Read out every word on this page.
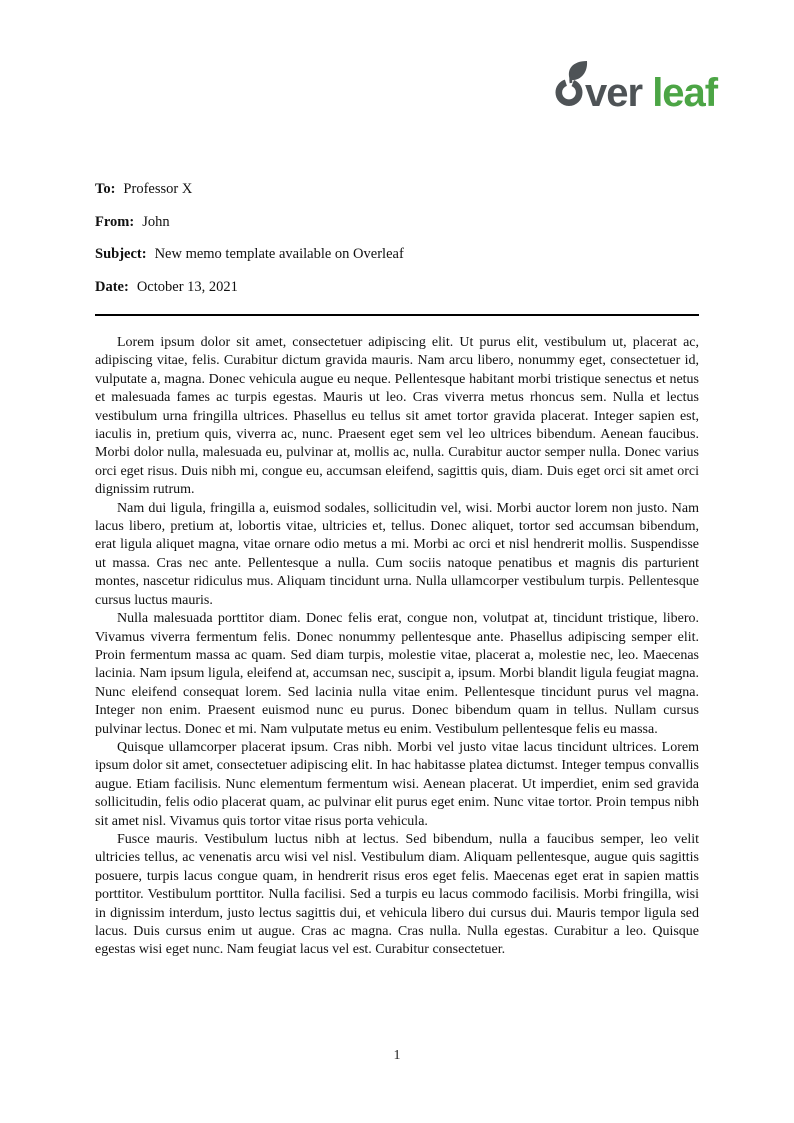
ver leaf

To: Professor X

From: John

Subject: New memo template available on Overleaf

Date: October 13, 2021

Lorem ipsum dolor sit amet, consectetuer adipiscing elit. Ut purus elit, vestibulum ut, placerat ac, adipiscing vitae, felis. Curabitur dictum gravida mauris. Nam arcu libero, nonummy eget, consectetuer id, vulputate a, magna. Donec vehicula augue eu neque. Pellentesque habitant morbi tristique senectus et netus et malesuada fames ac turpis egestas. Mauris ut leo. Cras viverra metus rhoncus sem. Nulla et lectus vestibulum urna fringilla ultrices. Phasellus eu tellus sit amet tortor gravida placerat. Integer sapien est, iaculis in, pretium quis, viverra ac, nunc. Praesent eget sem vel leo ultrices bibendum. Aenean faucibus. Morbi dolor nulla, malesuada eu, pulvinar at, mollis ac, nulla. Curabitur auctor semper nulla. Donec varius orci eget risus. Duis nibh mi, congue eu, accumsan eleifend, sagittis quis, diam. Duis eget orci sit amet orci dignissim rutrum.

Nam dui ligula, fringilla a, euismod sodales, sollicitudin vel, wisi. Morbi auctor lorem non justo. Nam lacus libero, pretium at, lobortis vitae, ultricies et, tellus. Donec aliquet, tortor sed accumsan bibendum, erat ligula aliquet magna, vitae ornare odio metus a mi. Morbi ac orci et nisl hendrerit mollis. Suspendisse ut massa. Cras nec ante. Pellentesque a nulla. Cum sociis natoque penatibus et magnis dis parturient montes, nascetur ridiculus mus. Aliquam tincidunt urna. Nulla ullamcorper vestibulum turpis. Pellentesque cursus luctus mauris.

Nulla malesuada porttitor diam. Donec felis erat, congue non, volutpat at, tincidunt tristique, libero. Vivamus viverra fermentum felis. Donec nonummy pellentesque ante. Phasellus adipiscing semper elit. Proin fermentum massa ac quam. Sed diam turpis, molestie vitae, placerat a, molestie nec, leo. Maecenas lacinia. Nam ipsum ligula, eleifend at, accumsan nec, suscipit a, ipsum. Morbi blandit ligula feugiat magna. Nunc eleifend consequat lorem. Sed lacinia nulla vitae enim. Pellentesque tincidunt purus vel magna. Integer non enim. Praesent euismod nunc eu purus. Donec bibendum quam in tellus. Nullam cursus pulvinar lectus. Donec et mi. Nam vulputate metus eu enim. Vestibulum pellentesque felis eu massa.

Quisque ullamcorper placerat ipsum. Cras nibh. Morbi vel justo vitae lacus tincidunt ultrices. Lorem ipsum dolor sit amet, consectetuer adipiscing elit. In hac habitasse platea dictumst. Integer tempus convallis augue. Etiam facilisis. Nunc elementum fermentum wisi. Aenean placerat. Ut imperdiet, enim sed gravida sollicitudin, felis odio placerat quam, ac pulvinar elit purus eget enim. Nunc vitae tortor. Proin tempus nibh sit amet nisl. Vivamus quis tortor vitae risus porta vehicula.

Fusce mauris. Vestibulum luctus nibh at lectus. Sed bibendum, nulla a faucibus semper, leo velit ultricies tellus, ac venenatis arcu wisi vel nisl. Vestibulum diam. Aliquam pellentesque, augue quis sagittis posuere, turpis lacus congue quam, in hendrerit risus eros eget felis. Maecenas eget erat in sapien mattis porttitor. Vestibulum porttitor. Nulla facilisi. Sed a turpis eu lacus commodo facilisis. Morbi fringilla, wisi in dignissim interdum, justo lectus sagittis dui, et vehicula libero dui cursus dui. Mauris tempor ligula sed lacus. Duis cursus enim ut augue. Cras ac magna. Cras nulla. Nulla egestas. Curabitur a leo. Quisque egestas wisi eget nunc. Nam feugiat lacus vel est. Curabitur consectetuer.

1
